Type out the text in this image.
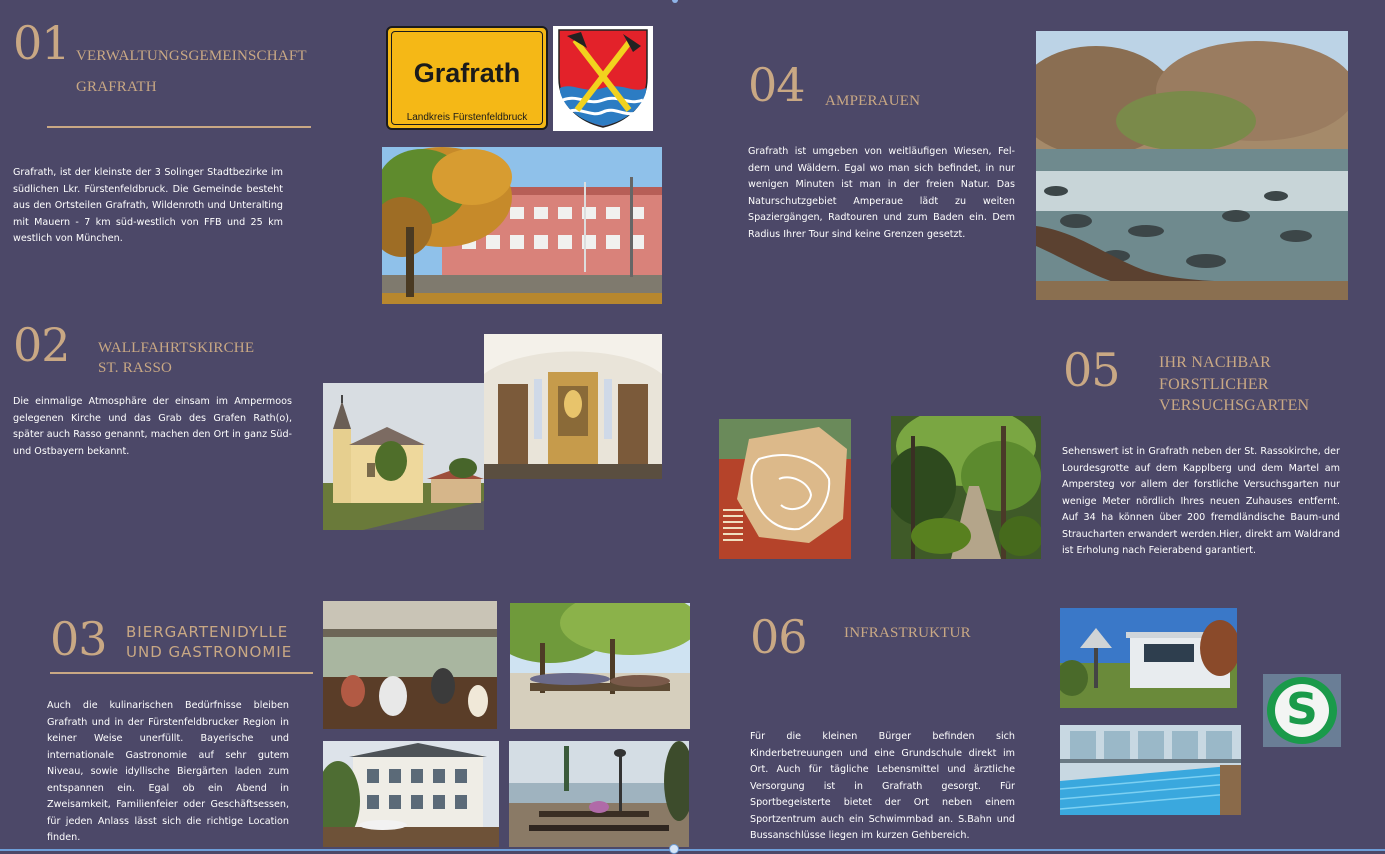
01 VERWALTUNGSGEMEINSCHAFT
GRAFRATH
Grafrath, ist der kleinste der 3 Solinger Stadtbezirke im südlichen Lkr. Fürstenfeldbruck. Die Gemeinde besteht aus den Ortsteilen Grafrath, Wildenroth und Unteralting mit Mauern - 7 km süd-westlich von FFB und 25 km westlich von München.
Grafrath
Landkreis Fürstenfeldbruck
02 WALLFAHRTSKIRCHE
ST. RASSO
Die einmalige Atmosphäre der einsam im Ampermoos gelegenen Kirche und das Grab des Grafen Rath(o), später auch Rasso genannt, machen den Ort in ganz Süd- und Ostbayern bekannt.
03 BIERGARTENIDYLLE
UND GASTRONOMIE
Auch die kulinarischen Bedürfnisse bleiben Grafrath und in der Fürstenfeldbrucker Region in keiner Weise unerfüllt. Bayerische und internationale Gastronomie auf sehr gutem Niveau, sowie idyllische Biergärten laden zum entspannen ein. Egal ob ein Abend in Zweisamkeit, Familienfeier oder Geschäftsessen, für jeden Anlass lässt sich die richtige Location finden.
04 AMPERAUEN
Grafrath ist umgeben von weitläufigen Wiesen, Fel-dern und Wäldern. Egal wo man sich befindet, in nur wenigen Minuten ist man in der freien Natur. Das Naturschutzgebiet Amperaue lädt zu weiten Spaziergängen, Radtouren und zum Baden ein. Dem Radius Ihrer Tour sind keine Grenzen gesetzt.
05 IHR NACHBAR
FORSTLICHER
VERSUCHSGARTEN
Sehenswert ist in Grafrath neben der St. Rassokirche, der Lourdesgrotte auf dem Kapplberg und dem Martel am Ampersteg vor allem der forstliche Versuchsgarten nur wenige Meter nördlich Ihres neuen Zuhauses entfernt. Auf 34 ha können über 200 fremdländische Baum-und Straucharten erwandert werden.Hier, direkt am Waldrand ist Erholung nach Feierabend garantiert.
06 INFRASTRUKTUR
Für die kleinen Bürger befinden sich Kinderbetreuungen und eine Grundschule direkt im Ort. Auch für tägliche Lebensmittel und ärztliche Versorgung ist in Grafrath gesorgt. Für Sportbegeisterte bietet der Ort neben einem Sportzentrum auch ein Schwimmbad an. S.Bahn und Bussanschlüsse liegen im kurzen Gehbereich.
S
